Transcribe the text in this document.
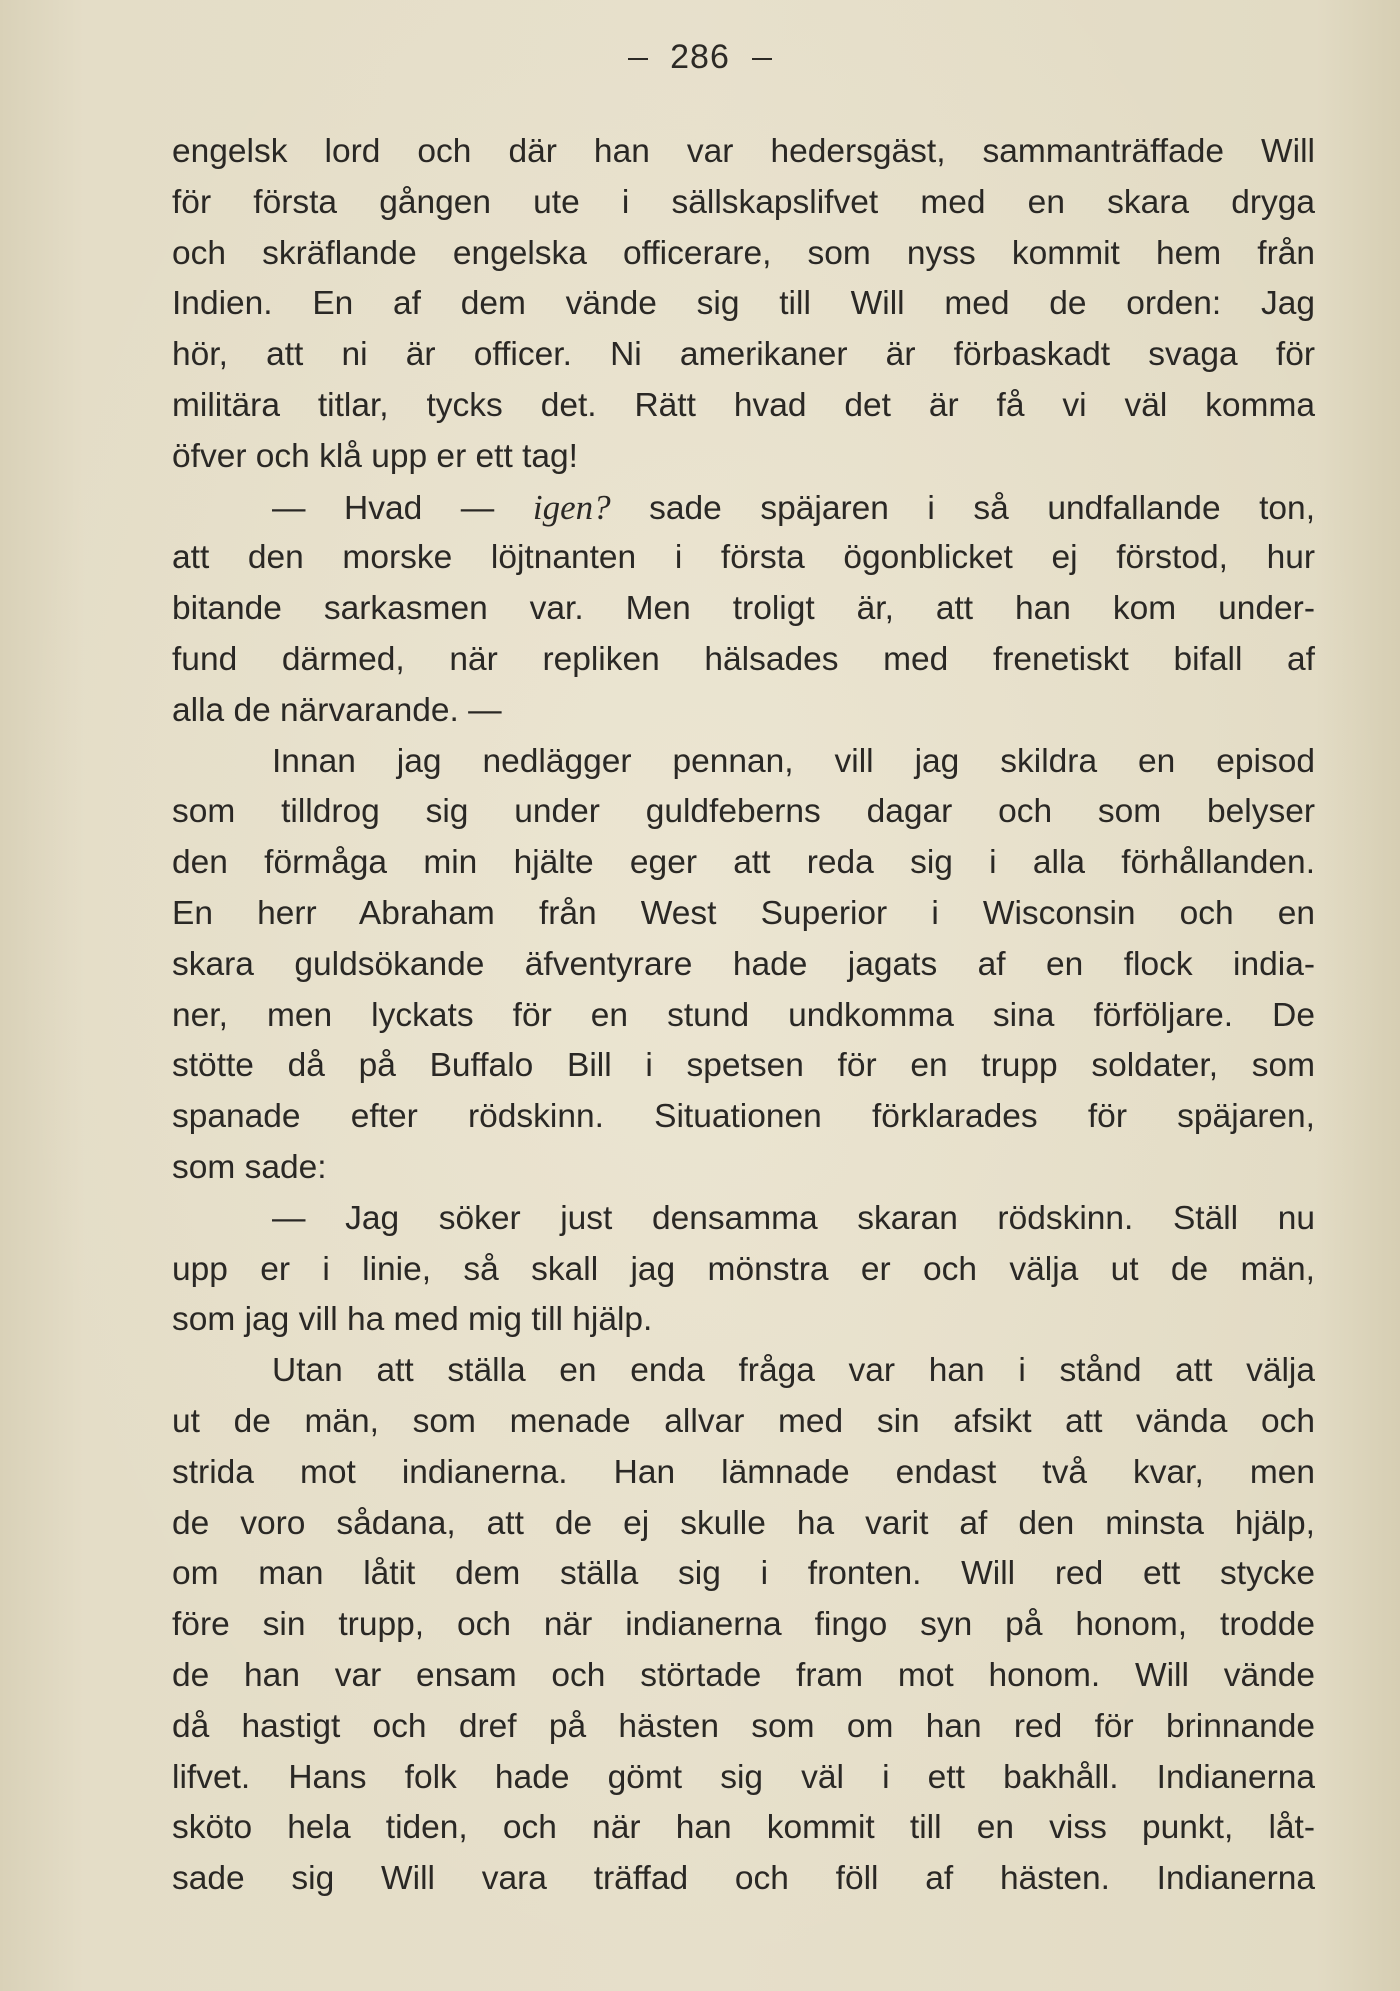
286
engelsk lord och där han var hedersgäst, sammanträffade Will
för första gången ute i sällskapslifvet med en skara dryga
och skräflande engelska officerare, som nyss kommit hem från
Indien. En af dem vände sig till Will med de orden: Jag
hör, att ni är officer. Ni amerikaner är förbaskadt svaga för
militära titlar, tycks det. Rätt hvad det är få vi väl komma
öfver och klå upp er ett tag!
— Hvad — igen? sade späjaren i så undfallande ton,
att den morske löjtnanten i första ögonblicket ej förstod, hur
bitande sarkasmen var. Men troligt är, att han kom under-
fund därmed, när repliken hälsades med frenetiskt bifall af
alla de närvarande. —
Innan jag nedlägger pennan, vill jag skildra en episod
som tilldrog sig under guldfeberns dagar och som belyser
den förmåga min hjälte eger att reda sig i alla förhållanden.
En herr Abraham från West Superior i Wisconsin och en
skara guldsökande äfventyrare hade jagats af en flock india-
ner, men lyckats för en stund undkomma sina förföljare. De
stötte då på Buffalo Bill i spetsen för en trupp soldater, som
spanade efter rödskinn. Situationen förklarades för späjaren,
som sade:
— Jag söker just densamma skaran rödskinn. Ställ nu
upp er i linie, så skall jag mönstra er och välja ut de män,
som jag vill ha med mig till hjälp.
Utan att ställa en enda fråga var han i stånd att välja
ut de män, som menade allvar med sin afsikt att vända och
strida mot indianerna. Han lämnade endast två kvar, men
de voro sådana, att de ej skulle ha varit af den minsta hjälp,
om man låtit dem ställa sig i fronten. Will red ett stycke
före sin trupp, och när indianerna fingo syn på honom, trodde
de han var ensam och störtade fram mot honom. Will vände
då hastigt och dref på hästen som om han red för brinnande
lifvet. Hans folk hade gömt sig väl i ett bakhåll. Indianerna
sköto hela tiden, och när han kommit till en viss punkt, låt-
sade sig Will vara träffad och föll af hästen. Indianerna
